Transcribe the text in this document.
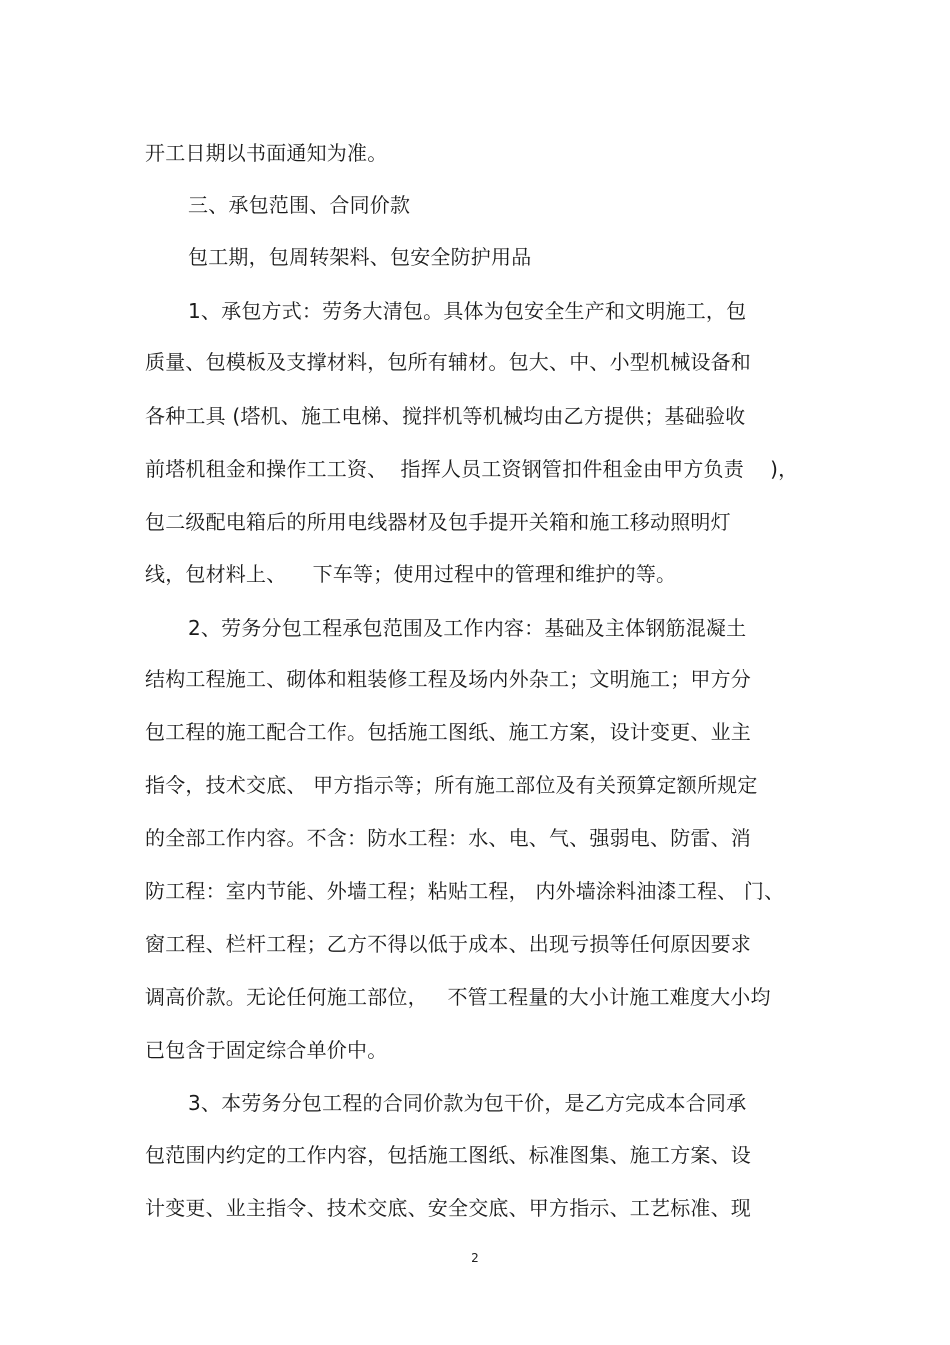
开工日期以书面通知为准。
三、承包范围、合同价款
包工期，包周转架料、包安全防护用品
1、承包方式：劳务大清包。具体为包安全生产和文明施工，包
质量、包模板及支撑材料，包所有辅材。包大、中、小型机械设备和
各种工具 (塔机、施工电梯、搅拌机等机械均由乙方提供；基础验收
前塔机租金和操作工工资、  指挥人员工资钢管扣件租金由甲方负责    )，
包二级配电箱后的所用电线器材及包手提开关箱和施工移动照明灯
线，包材料上、    下车等；使用过程中的管理和维护的等。
2、劳务分包工程承包范围及工作内容：基础及主体钢筋混凝土
结构工程施工、砌体和粗装修工程及场内外杂工；文明施工；甲方分
包工程的施工配合工作。包括施工图纸、施工方案，设计变更、业主
指令，技术交底、 甲方指示等；所有施工部位及有关预算定额所规定
的全部工作内容。不含：防水工程：水、电、气、强弱电、防雷、消
防工程：室内节能、外墙工程；粘贴工程， 内外墙涂料油漆工程、 门、
窗工程、栏杆工程；乙方不得以低于成本、出现亏损等任何原因要求
调高价款。无论任何施工部位，   不管工程量的大小计施工难度大小均
已包含于固定综合单价中。
3、本劳务分包工程的合同价款为包干价，是乙方完成本合同承
包范围内约定的工作内容，包括施工图纸、标准图集、施工方案、设
计变更、业主指令、技术交底、安全交底、甲方指示、工艺标准、现
2
